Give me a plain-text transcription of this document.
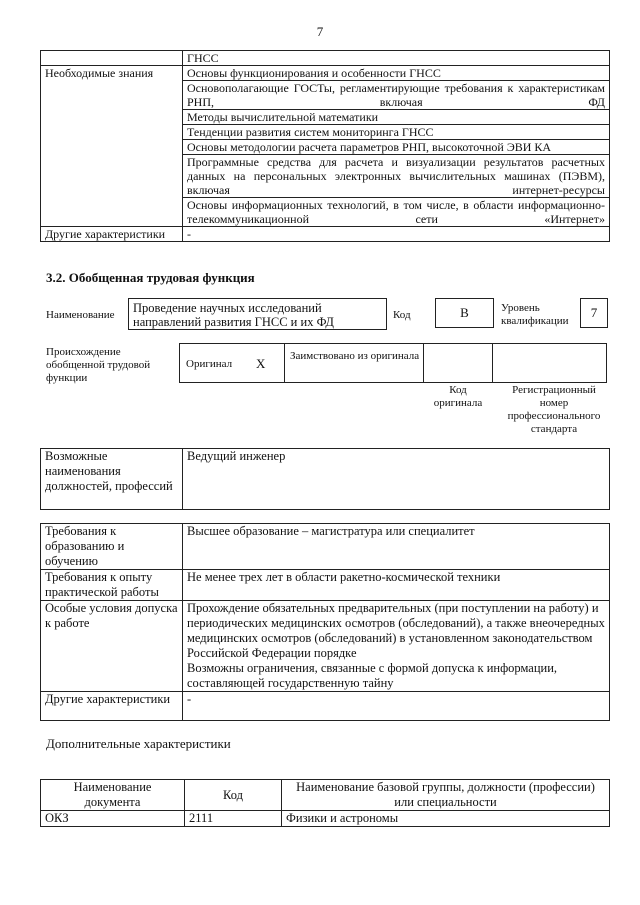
7
	ГНСС
Необходимые знания	Основы функционирования и особенности ГНСС
	Основополагающие ГОСТы, регламентирующие требования к характеристикам РНП, включая ФД
	Методы вычислительной математики
	Тенденции развития систем мониторинга ГНСС
	Основы методологии расчета параметров РНП, высокоточной ЭВИ КА
	Программные средства для расчета и визуализации результатов расчетных данных на персональных электронных вычислительных машинах (ПЭВМ), включая интернет-ресурсы
	Основы информационных технологий, в том числе, в области информационно-телекоммуникационной сети «Интернет»
Другие характеристики	-
3.2. Обобщенная трудовая функция
Наименование	Проведение научных исследований направлений развития ГНСС и их ФД	Код	B	Уровень квалификации
7
Происхождение обобщенной трудовой функции
Оригинал X Заимствовано из оригинала
Код оригинала
Регистрационный номер профессионального стандарта
Возможные наименования должностей, профессий	Ведущий инженер
Требования к образованию и обучению	Высшее образование – магистратура или специалитет
Требования к опыту практической работы	Не менее трех лет в области ракетно-космической техники
Особые условия допуска к работе	Прохождение обязательных предварительных (при поступлении на работу) и периодических медицинских осмотров (обследований), а также внеочередных медицинских осмотров (обследований) в установленном законодательством Российской Федерации порядке
Возможны ограничения, связанные с формой допуска к информации, составляющей государственную тайну

Другие характеристики	-
Дополнительные характеристики
Наименование документа	Код	Наименование базовой группы, должности (профессии) или специальности
ОКЗ	2111	Физики и астрономы
